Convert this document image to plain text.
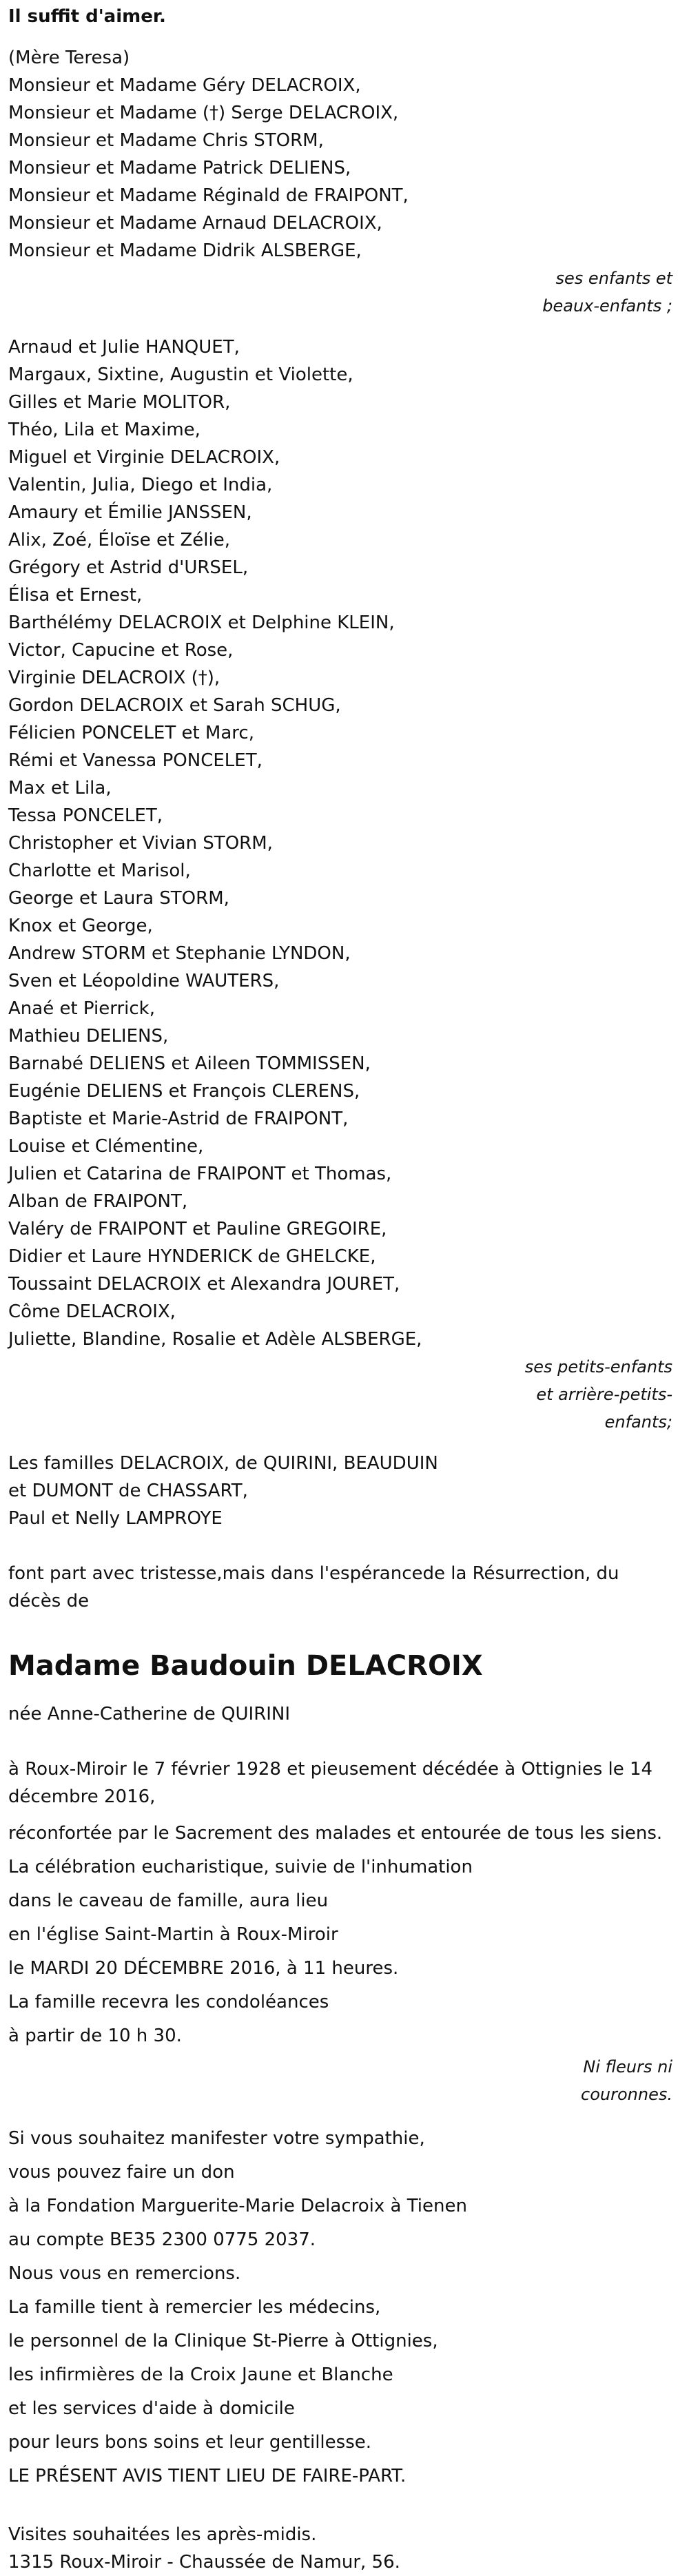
Il suffit d'aimer.
(Mère Teresa)
Monsieur et Madame Géry DELACROIX,
Monsieur et Madame (†) Serge DELACROIX,
Monsieur et Madame Chris STORM,
Monsieur et Madame Patrick DELIENS,
Monsieur et Madame Réginald de FRAIPONT,
Monsieur et Madame Arnaud DELACROIX,
Monsieur et Madame Didrik ALSBERGE,
ses enfants et
beaux-enfants ;
Arnaud et Julie HANQUET,
Margaux, Sixtine, Augustin et Violette,
Gilles et Marie MOLITOR,
Théo, Lila et Maxime,
Miguel et Virginie DELACROIX,
Valentin, Julia, Diego et India,
Amaury et Émilie JANSSEN,
Alix, Zoé, Éloïse et Zélie,
Grégory et Astrid d'URSEL,
Élisa et Ernest,
Barthélémy DELACROIX et Delphine KLEIN,
Victor, Capucine et Rose,
Virginie DELACROIX (†),
Gordon DELACROIX et Sarah SCHUG,
Félicien PONCELET et Marc,
Rémi et Vanessa PONCELET,
Max et Lila,
Tessa PONCELET,
Christopher et Vivian STORM,
Charlotte et Marisol,
George et Laura STORM,
Knox et George,
Andrew STORM et Stephanie LYNDON,
Sven et Léopoldine WAUTERS,
Anaé et Pierrick,
Mathieu DELIENS,
Barnabé DELIENS et Aileen TOMMISSEN,
Eugénie DELIENS et François CLERENS,
Baptiste et Marie-Astrid de FRAIPONT,
Louise et Clémentine,
Julien et Catarina de FRAIPONT et Thomas,
Alban de FRAIPONT,
Valéry de FRAIPONT et Pauline GREGOIRE,
Didier et Laure HYNDERICK de GHELCKE,
Toussaint DELACROIX et Alexandra JOURET,
Côme DELACROIX,
Juliette, Blandine, Rosalie et Adèle ALSBERGE,
ses petits-enfants
et arrière-petits-
enfants;
Les familles DELACROIX, de QUIRINI, BEAUDUIN
et DUMONT de CHASSART,
Paul et Nelly LAMPROYE
font part avec tristesse,mais dans l'espérancede la Résurrection, du décès de
Madame Baudouin DELACROIX
née Anne-Catherine de QUIRINI
à Roux-Miroir le 7 février 1928 et pieusement décédée à Ottignies le 14 décembre 2016,
réconfortée par le Sacrement des malades et entourée de tous les siens.
La célébration eucharistique, suivie de l'inhumation
dans le caveau de famille, aura lieu
en l'église Saint-Martin à Roux-Miroir
le MARDI 20 DÉCEMBRE 2016, à 11 heures.
La famille recevra les condoléances
à partir de 10 h 30.
Ni fleurs ni
couronnes.
Si vous souhaitez manifester votre sympathie,
vous pouvez faire un don
à la Fondation Marguerite-Marie Delacroix à Tienen
au compte BE35 2300 0775 2037.
Nous vous en remercions.
La famille tient à remercier les médecins,
le personnel de la Clinique St-Pierre à Ottignies,
les infirmières de la Croix Jaune et Blanche
et les services d'aide à domicile
pour leurs bons soins et leur gentillesse.
LE PRÉSENT AVIS TIENT LIEU DE FAIRE-PART.
Visites souhaitées les après-midis.
1315 Roux-Miroir - Chaussée de Namur, 56.
